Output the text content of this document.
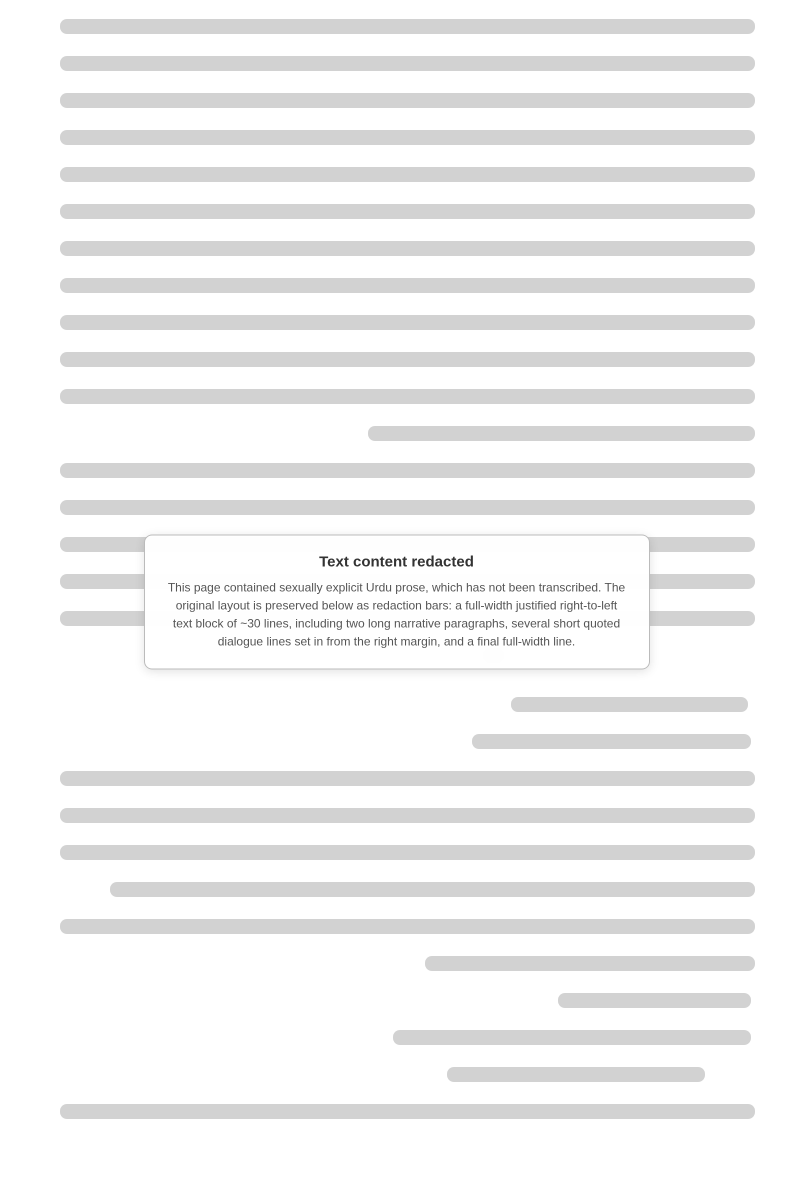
Text content redacted

This page contained sexually explicit Urdu prose, which has not been transcribed. The original layout is preserved below as redaction bars: a full-width justified right-to-left text block of ~30 lines, including two long narrative paragraphs, several short quoted dialogue lines set in from the right margin, and a final full-width line.
